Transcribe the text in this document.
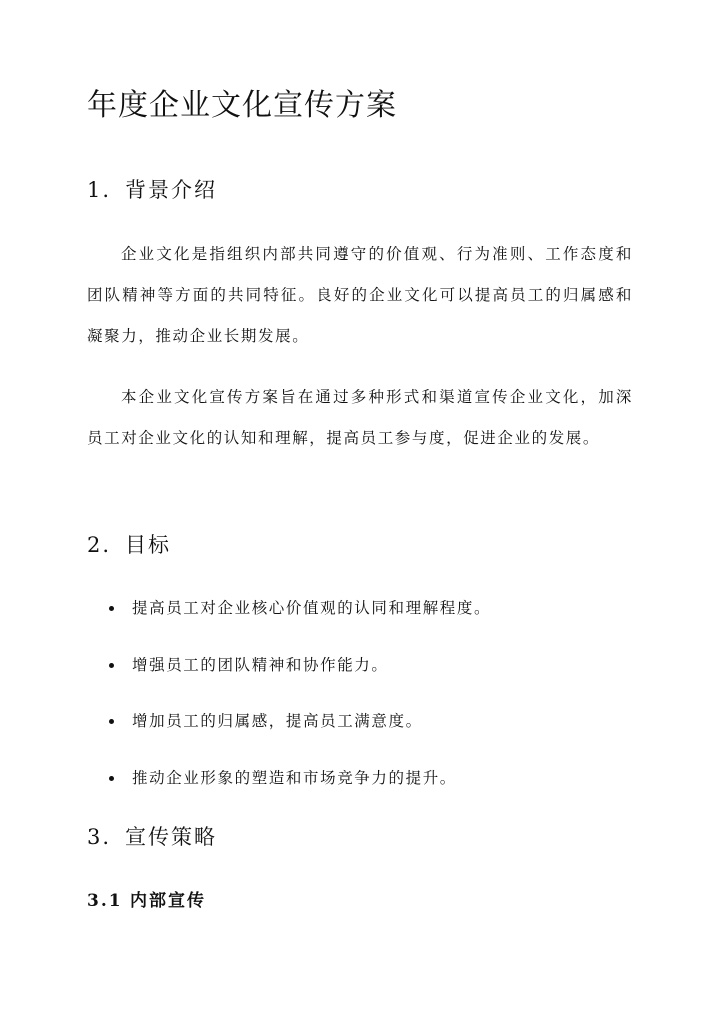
年度企业文化宣传方案
1. 背景介绍

企业文化是指组织内部共同遵守的价值观、行为准则、工作态度和团队精神等方面的共同特征。良好的企业文化可以提高员工的归属感和凝聚力，推动企业长期发展。

本企业文化宣传方案旨在通过多种形式和渠道宣传企业文化，加深员工对企业文化的认知和理解，提高员工参与度，促进企业的发展。

2. 目标
提高员工对企业核心价值观的认同和理解程度。
增强员工的团队精神和协作能力。
增加员工的归属感，提高员工满意度。
推动企业形象的塑造和市场竞争力的提升。
3. 宣传策略
3.1 内部宣传
